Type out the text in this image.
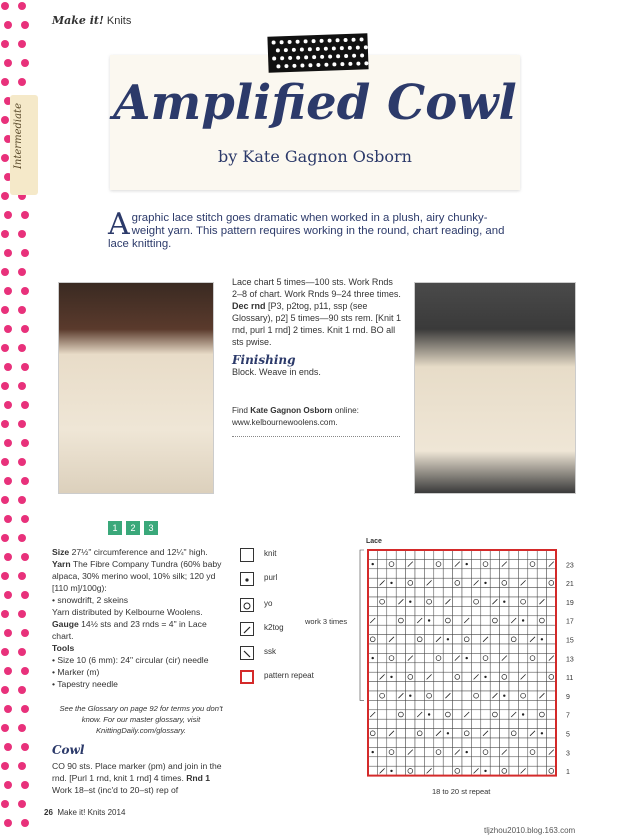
Make it! Knits
Intermediate Amplified Cowl
by Kate Gagnon Osborn
A graphic lace stitch goes dramatic when worked in a plush, airy chunky-weight yarn. This pattern requires working in the round, chart reading, and lace knitting.
Lace chart 5 times—100 sts. Work Rnds 2–8 of chart. Work Rnds 9–24 three times. Dec rnd [P3, p2tog, p11, ssp (see Glossary), p2] 5 times—90 sts rem. [Knit 1 rnd, purl 1 rnd] 2 times. Knit 1 rnd. BO all sts pwise.
Finishing
Block. Weave in ends.
Find Kate Gagnon Osborn online:
www.kelbournewoolens.com.
1 2 3
Size 27½" circumference and 12¼" high.
Yarn The Fibre Company Tundra (60% baby alpaca, 30% merino wool, 10% silk; 120 yd [110 m]/100g):
• snowdrift, 2 skeins
Yarn distributed by Kelbourne Woolens.
Gauge 14½ sts and 23 rnds = 4" in Lace chart.
Tools
• Size 10 (6 mm): 24" circular (cir) needle
• Marker (m)
• Tapestry needle
See the Glossary on page 92 for terms you don't know. For our master glossary, visit KnittingDaily.com/glossary.
Cowl
CO 90 sts. Place marker (pm) and join in the rnd. [Purl 1 rnd, knit 1 rnd] 4 times. Rnd 1 Work 18–st (inc'd to 20–st) rep of
knit
purl
yo
k2tog
ssk
pattern repeat
Lace
work 3 times
23
21
19
17
15
13
11
9
7
5
3
1
18 to 20 st repeat
26 Make it! Knits 2014
tljzhou2010.blog.163.com
